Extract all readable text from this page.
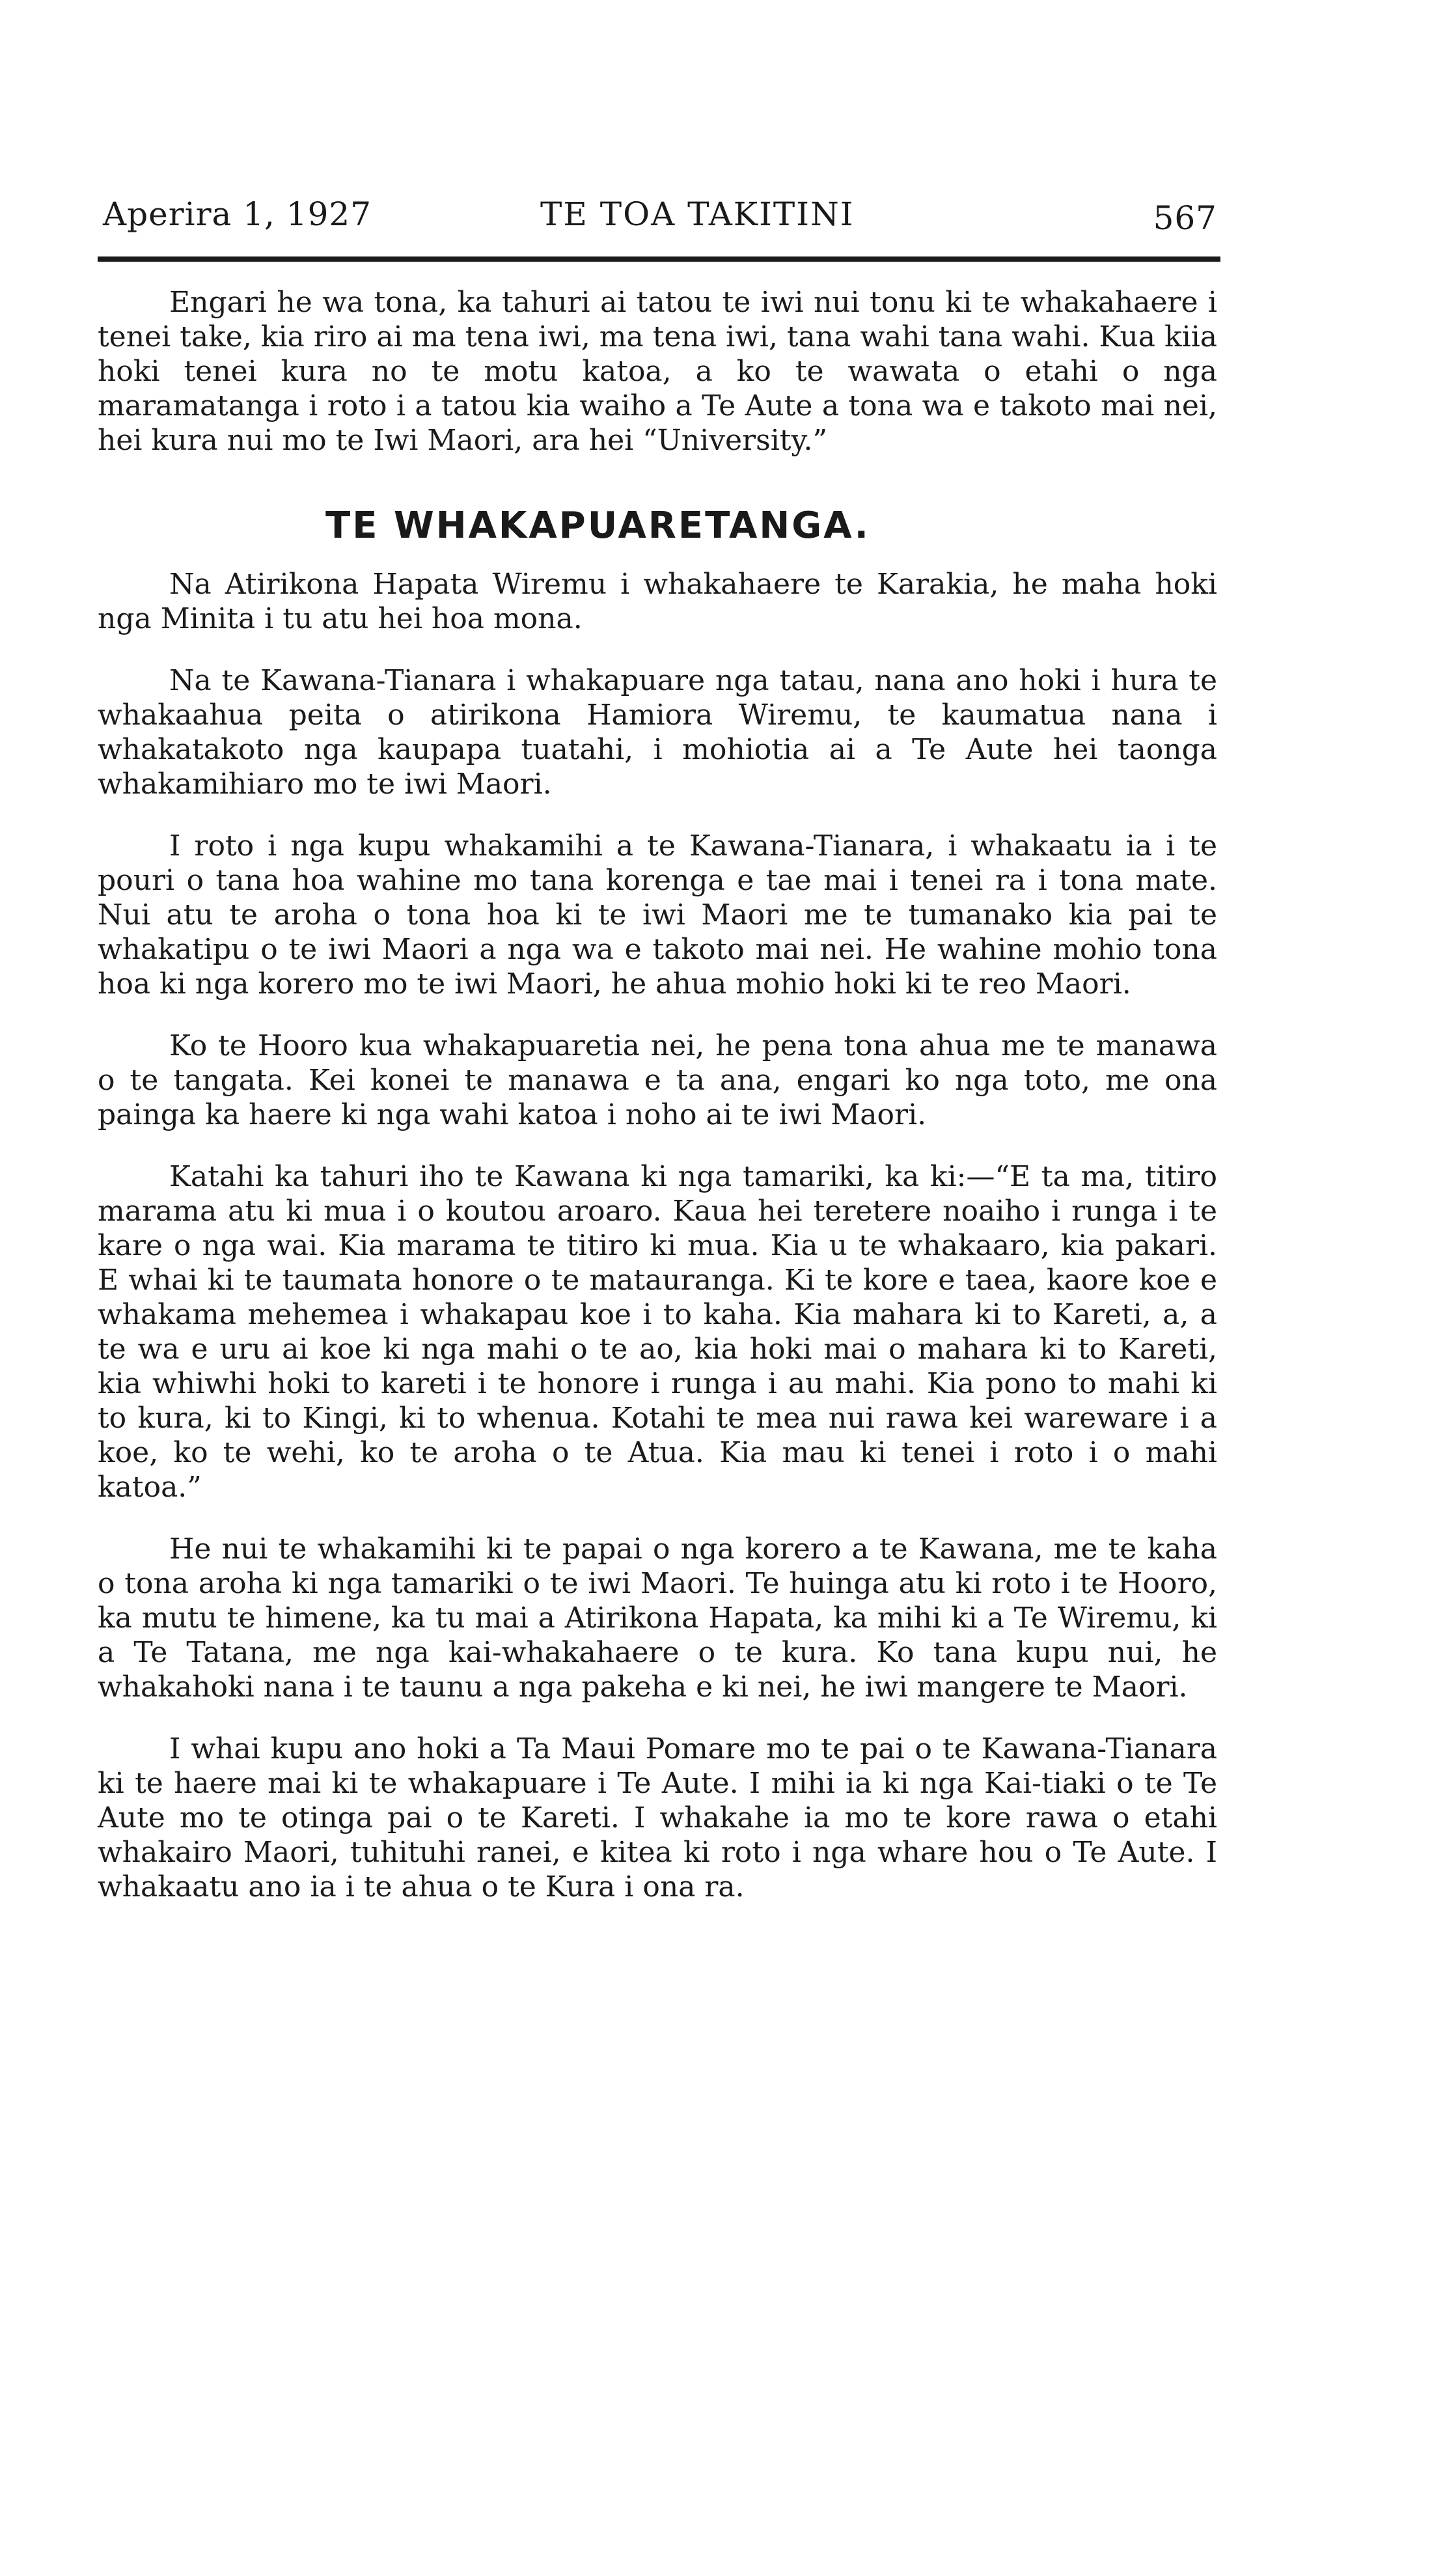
Aperira 1, 1927	TE TOA TAKITINI	567

Engari he wa tona, ka tahuri ai tatou te iwi nui tonu ki te whakahaere i tenei take, kia riro ai ma tena iwi, ma tena iwi, tana wahi tana wahi. Kua kiia hoki tenei kura no te motu katoa, a ko te wawata o etahi o nga maramatanga i roto i a tatou kia waiho a Te Aute a tona wa e takoto mai nei, hei kura nui mo te Iwi Maori, ara hei “University.”

TE WHAKAPUARETANGA.

Na Atirikona Hapata Wiremu i whakahaere te Karakia, he maha hoki nga Minita i tu atu hei hoa mona.

Na te Kawana-Tianara i whakapuare nga tatau, nana ano hoki i hura te whakaahua peita o atirikona Hamiora Wiremu, te kaumatua nana i whakatakoto nga kaupapa tuatahi, i mohiotia ai a Te Aute hei taonga whakamihiaro mo te iwi Maori.

I roto i nga kupu whakamihi a te Kawana-Tianara, i whakaatu ia i te pouri o tana hoa wahine mo tana korenga e tae mai i tenei ra i tona mate. Nui atu te aroha o tona hoa ki te iwi Maori me te tumanako kia pai te whakatipu o te iwi Maori a nga wa e takoto mai nei. He wahine mohio tona hoa ki nga korero mo te iwi Maori, he ahua mohio hoki ki te reo Maori.

Ko te Hooro kua whakapuaretia nei, he pena tona ahua me te manawa o te tangata. Kei konei te manawa e ta ana, engari ko nga toto, me ona painga ka haere ki nga wahi katoa i noho ai te iwi Maori.

Katahi ka tahuri iho te Kawana ki nga tamariki, ka ki:—“E ta ma, titiro marama atu ki mua i o koutou aroaro. Kaua hei teretere noaiho i runga i te kare o nga wai. Kia marama te titiro ki mua. Kia u te whakaaro, kia pakari. E whai ki te taumata honore o te matauranga. Ki te kore e taea, kaore koe e whakama mehemea i whakapau koe i to kaha. Kia mahara ki to Kareti, a, a te wa e uru ai koe ki nga mahi o te ao, kia hoki mai o mahara ki to Kareti, kia whiwhi hoki to kareti i te honore i runga i au mahi. Kia pono to mahi ki to kura, ki to Kingi, ki to whenua. Kotahi te mea nui rawa kei wareware i a koe, ko te wehi, ko te aroha o te Atua. Kia mau ki tenei i roto i o mahi katoa.”

He nui te whakamihi ki te papai o nga korero a te Kawana, me te kaha o tona aroha ki nga tamariki o te iwi Maori. Te huinga atu ki roto i te Hooro, ka mutu te himene, ka tu mai a Atirikona Hapata, ka mihi ki a Te Wiremu, ki a Te Tatana, me nga kai-whakahaere o te kura. Ko tana kupu nui, he whakahoki nana i te taunu a nga pakeha e ki nei, he iwi mangere te Maori.

I whai kupu ano hoki a Ta Maui Pomare mo te pai o te Kawana-Tianara ki te haere mai ki te whakapuare i Te Aute. I mihi ia ki nga Kai-tiaki o te Te Aute mo te otinga pai o te Kareti. I whakahe ia mo te kore rawa o etahi whakairo Maori, tuhituhi ranei, e kitea ki roto i nga whare hou o Te Aute. I whakaatu ano ia i te ahua o te Kura i ona ra.
